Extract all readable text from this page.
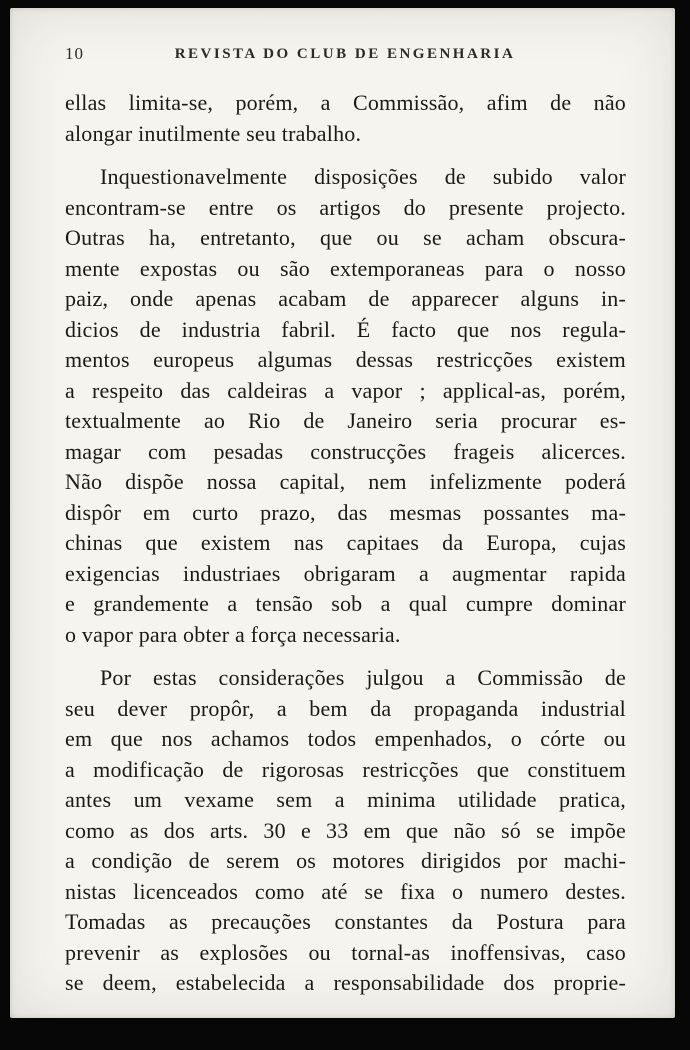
10	REVISTA DO CLUB DE ENGENHARIA
ellas limita-se, porém, a Commissão, afim de não
alongar inutilmente seu trabalho.
Inquestionavelmente disposições de subido valor
encontram-se entre os artigos do presente projecto.
Outras ha, entretanto, que ou se acham obscura-
mente expostas ou são extemporaneas para o nosso
paiz, onde apenas acabam de apparecer alguns in-
dicios de industria fabril. É facto que nos regula-
mentos europeus algumas dessas restricções existem
a respeito das caldeiras a vapor ; applical-as, porém,
textualmente ao Rio de Janeiro seria procurar es-
magar com pesadas construcções frageis alicerces.
Não dispõe nossa capital, nem infelizmente poderá
dispôr em curto prazo, das mesmas possantes ma-
chinas que existem nas capitaes da Europa, cujas
exigencias industriaes obrigaram a augmentar rapida
e grandemente a tensão sob a qual cumpre dominar
o vapor para obter a força necessaria.
Por estas considerações julgou a Commissão de
seu dever propôr, a bem da propaganda industrial
em que nos achamos todos empenhados, o córte ou
a modificação de rigorosas restricções que constituem
antes um vexame sem a minima utilidade pratica,
como as dos arts. 30 e 33 em que não só se impõe
a condição de serem os motores dirigidos por machi-
nistas licenceados como até se fixa o numero destes.
Tomadas as precauções constantes da Postura para
prevenir as explosões ou tornal-as inoffensivas, caso
se deem, estabelecida a responsabilidade dos proprie-
